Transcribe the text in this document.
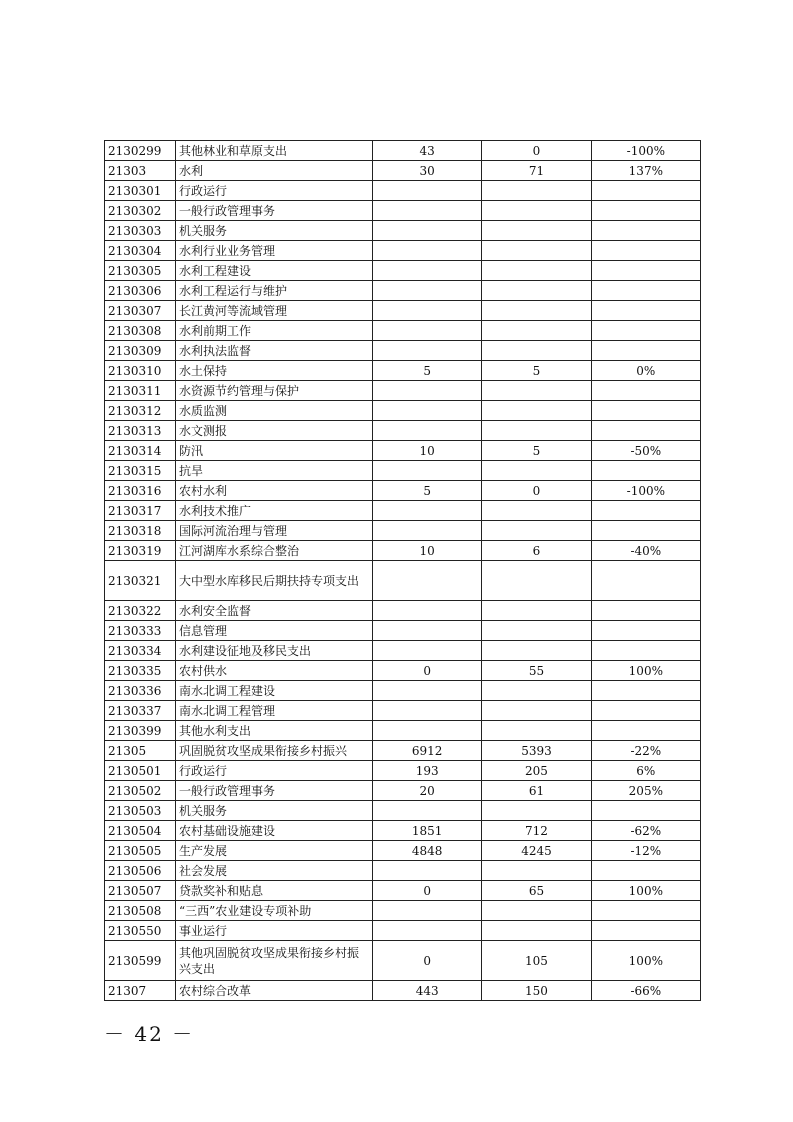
2130299	其他林业和草原支出	43	0	-100%
21303	水利	30	71	137%
2130301	行政运行			
2130302	一般行政管理事务			
2130303	机关服务			
2130304	水利行业业务管理			
2130305	水利工程建设			
2130306	水利工程运行与维护			
2130307	长江黄河等流域管理			
2130308	水利前期工作			
2130309	水利执法监督			
2130310	水土保持	5	5	0%
2130311	水资源节约管理与保护			
2130312	水质监测			
2130313	水文测报			
2130314	防汛	10	5	-50%
2130315	抗旱			
2130316	农村水利	5	0	-100%
2130317	水利技术推广			
2130318	国际河流治理与管理			
2130319	江河湖库水系综合整治	10	6	-40%
2130321	大中型水库移民后期扶持专项支出			
2130322	水利安全监督			
2130333	信息管理			
2130334	水利建设征地及移民支出			
2130335	农村供水	0	55	100%
2130336	南水北调工程建设			
2130337	南水北调工程管理			
2130399	其他水利支出			
21305	巩固脱贫攻坚成果衔接乡村振兴	6912	5393	-22%
2130501	行政运行	193	205	6%
2130502	一般行政管理事务	20	61	205%
2130503	机关服务			
2130504	农村基础设施建设	1851	712	-62%
2130505	生产发展	4848	4245	-12%
2130506	社会发展			
2130507	贷款奖补和贴息	0	65	100%
2130508	“三西”农业建设专项补助			
2130550	事业运行			
2130599	其他巩固脱贫攻坚成果衔接乡村振兴支出	0	105	100%
21307	农村综合改革	443	150	-66%
－ 42 －
